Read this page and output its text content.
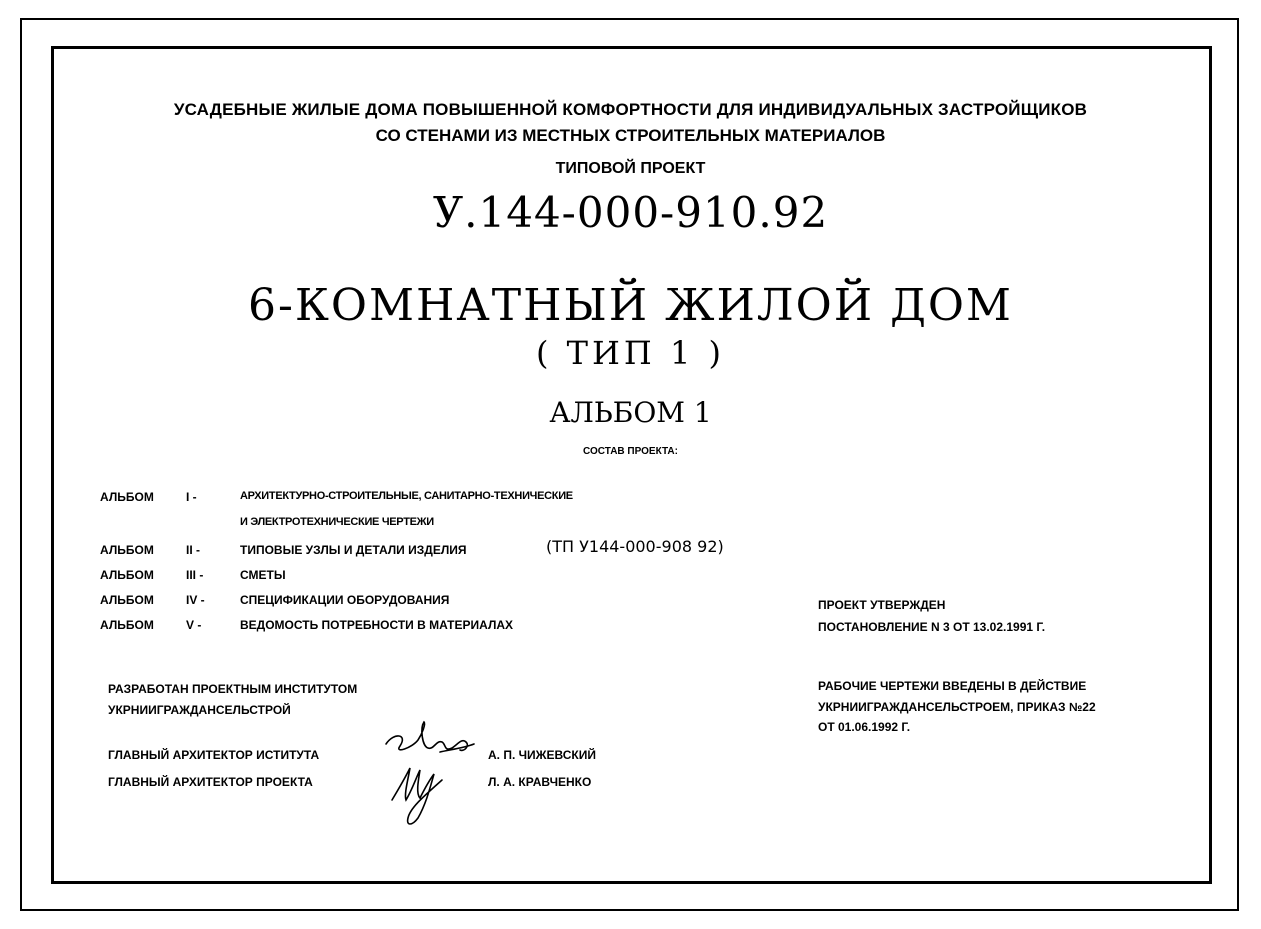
УСАДЕБНЫЕ ЖИЛЫЕ ДОМА ПОВЫШЕННОЙ КОМФОРТНОСТИ ДЛЯ ИНДИВИДУАЛЬНЫХ ЗАСТРОЙЩИКОВ
СО СТЕНАМИ ИЗ МЕСТНЫХ СТРОИТЕЛЬНЫХ МАТЕРИАЛОВ
ТИПОВОЙ ПРОЕКТ
У.144-000-910.92
6-КОМНАТНЫЙ ЖИЛОЙ ДОМ
( ТИП 1 )
АЛЬБОМ 1
СОСТАВ ПРОЕКТА:
АЛЬБОМ	I -	АРХИТЕКТУРНО-СТРОИТЕЛЬНЫЕ, САНИТАРНО-ТЕХНИЧЕСКИЕ
И ЭЛЕКТРОТЕХНИЧЕСКИЕ ЧЕРТЕЖИ
АЛЬБОМ	II -	ТИПОВЫЕ УЗЛЫ И ДЕТАЛИ ИЗДЕЛИЯ	(ТП У144-000-908 92)
АЛЬБОМ	III -	СМЕТЫ
АЛЬБОМ	IV -	СПЕЦИФИКАЦИИ ОБОРУДОВАНИЯ
АЛЬБОМ	V -	ВЕДОМОСТЬ ПОТРЕБНОСТИ В МАТЕРИАЛАХ
ПРОЕКТ УТВЕРЖДЕН
ПОСТАНОВЛЕНИЕ N 3 ОТ 13.02.1991 Г.
РАБОЧИЕ ЧЕРТЕЖИ ВВЕДЕНЫ В ДЕЙСТВИЕ
УКРНИИГРАЖДАНСЕЛЬСТРОЕМ, ПРИКАЗ №22
ОТ 01.06.1992 Г.
РАЗРАБОТАН ПРОЕКТНЫМ ИНСТИТУТОМ
УКРНИИГРАЖДАНСЕЛЬСТРОЙ
ГЛАВНЫЙ АРХИТЕКТОР ИСТИТУТА	А. П. ЧИЖЕВСКИЙ
ГЛАВНЫЙ АРХИТЕКТОР ПРОЕКТА	Л. А. КРАВЧЕНКО
